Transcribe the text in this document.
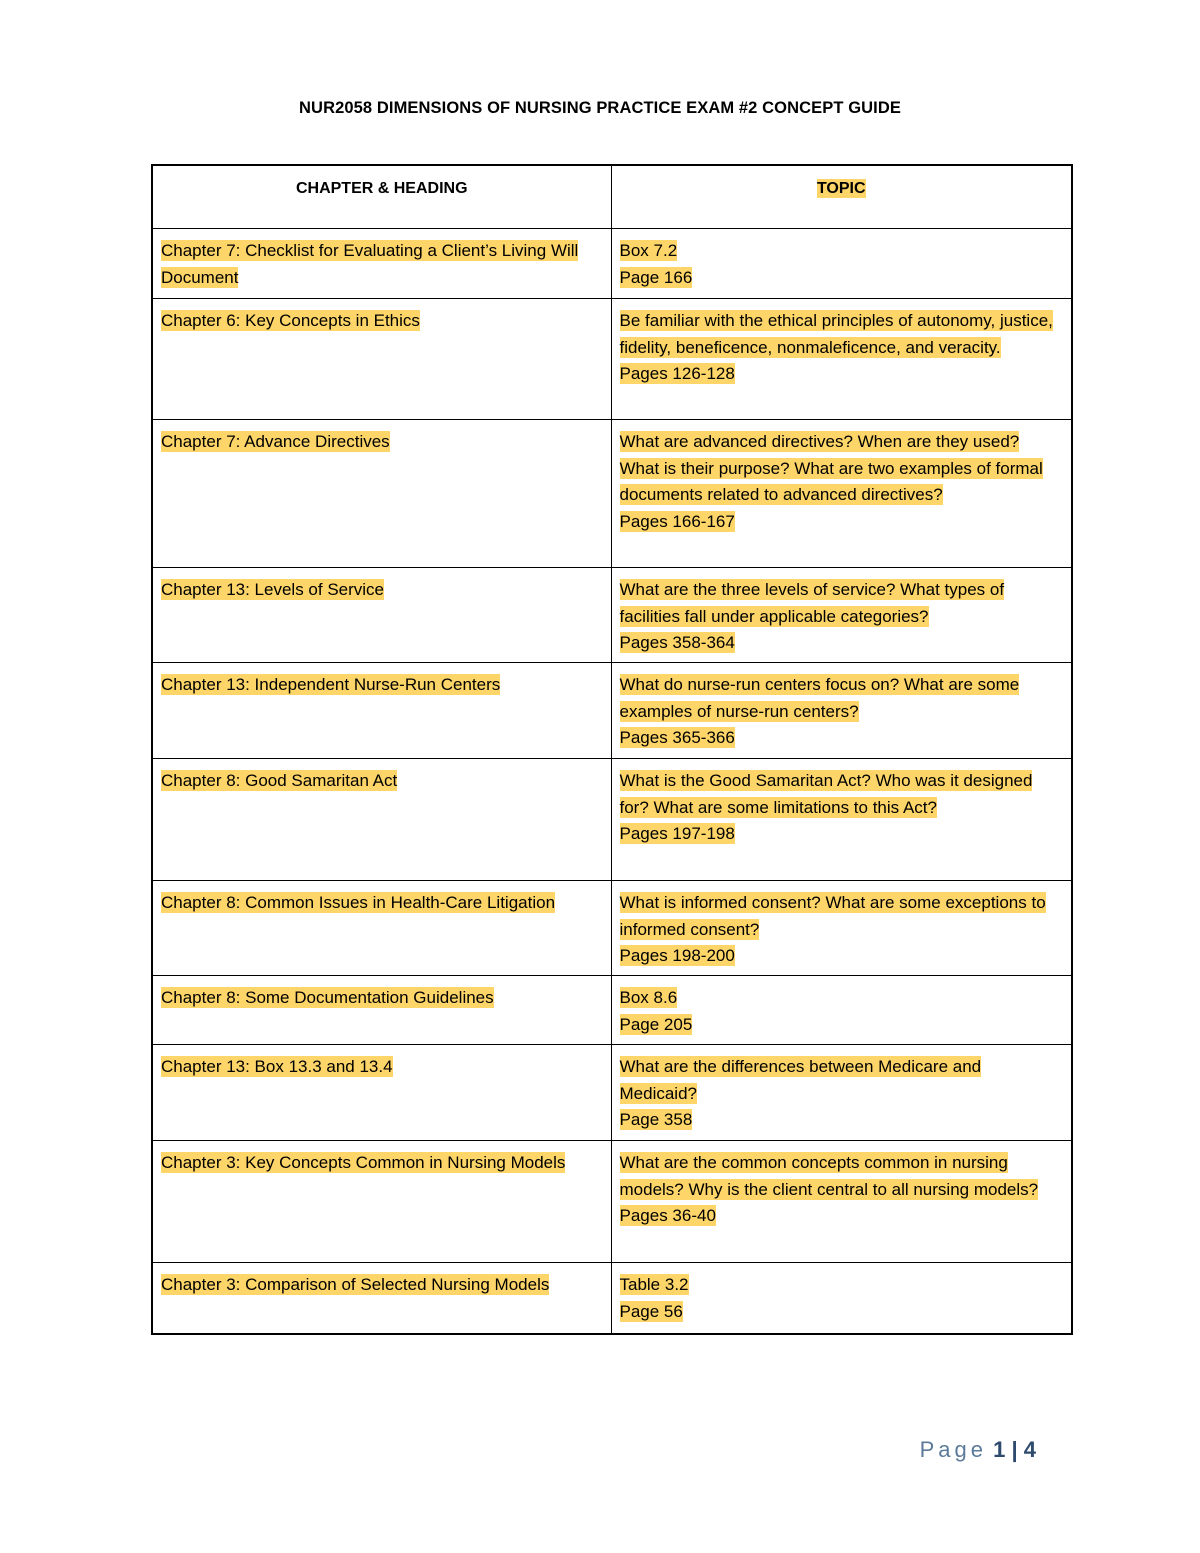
NUR2058 DIMENSIONS OF NURSING PRACTICE EXAM #2 CONCEPT GUIDE
CHAPTER & HEADING	TOPIC
Chapter 7: Checklist for Evaluating a Client’s Living Will Document	Box 7.2
Page 166

Chapter 6: Key Concepts in Ethics	Be familiar with the ethical principles of autonomy, justice, fidelity, beneficence, nonmaleficence, and veracity.
Pages 126-128

Chapter 7: Advance Directives	What are advanced directives? When are they used? What is their purpose? What are two examples of formal documents related to advanced directives?
Pages 166-167

Chapter 13: Levels of Service	What are the three levels of service? What types of facilities fall under applicable categories?
Pages 358-364

Chapter 13: Independent Nurse-Run Centers	What do nurse-run centers focus on? What are some examples of nurse-run centers?
Pages 365-366

Chapter 8: Good Samaritan Act	What is the Good Samaritan Act? Who was it designed for? What are some limitations to this Act?
Pages 197-198

Chapter 8: Common Issues in Health-Care Litigation	What is informed consent? What are some exceptions to informed consent?
Pages 198-200

Chapter 8: Some Documentation Guidelines	Box 8.6
Page 205

Chapter 13: Box 13.3 and 13.4	What are the differences between Medicare and Medicaid?
Page 358

Chapter 3: Key Concepts Common in Nursing Models	What are the common concepts common in nursing models? Why is the client central to all nursing models?
Pages 36-40

Chapter 3: Comparison of Selected Nursing Models	Table 3.2
Page 56
Page 1 | 4
